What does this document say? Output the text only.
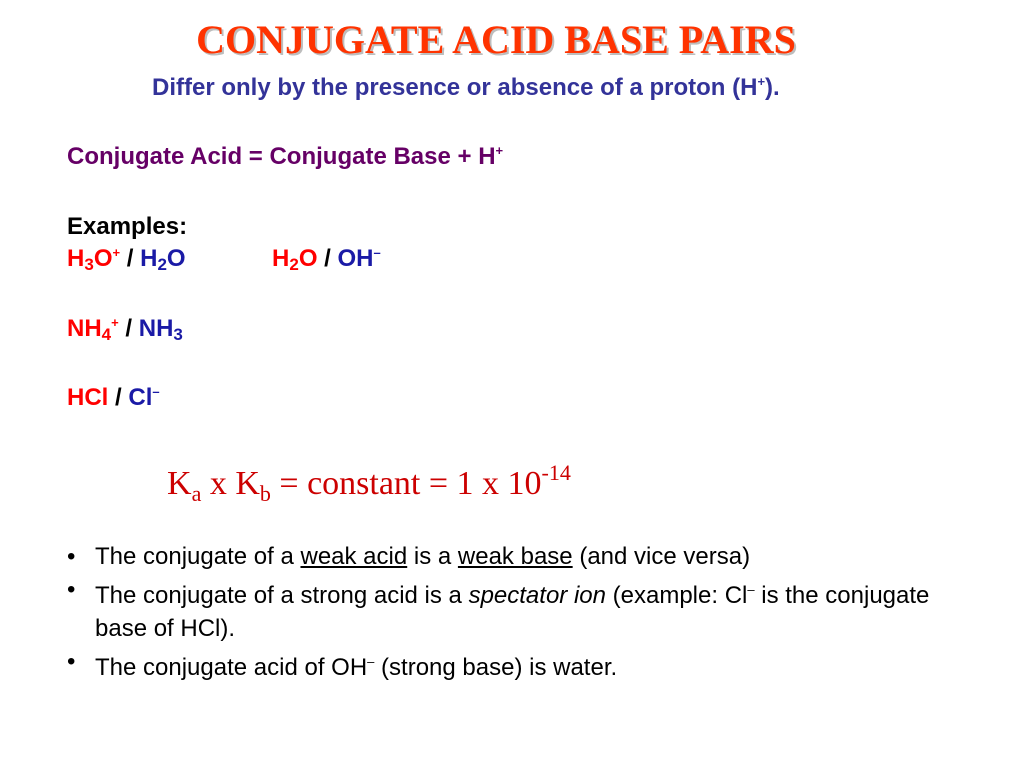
CONJUGATE ACID BASE PAIRS
Differ only by the presence or absence of a proton (H+).
Conjugate Acid = Conjugate Base + H+
Examples:
$H_3O^+ / H_2O$	$H_2O / OH^-$
$NH_4^+ / NH_3$
HCl / Cl–
$K_a$ x $K_b$ = constant = 1 x $10^{-14}$
• The conjugate of a weak acid is a weak base (and vice versa)
• The conjugate of a strong acid is a spectator ion (example: Cl– is the conjugate base of HCl).
• The conjugate acid of OH– (strong base) is water.
